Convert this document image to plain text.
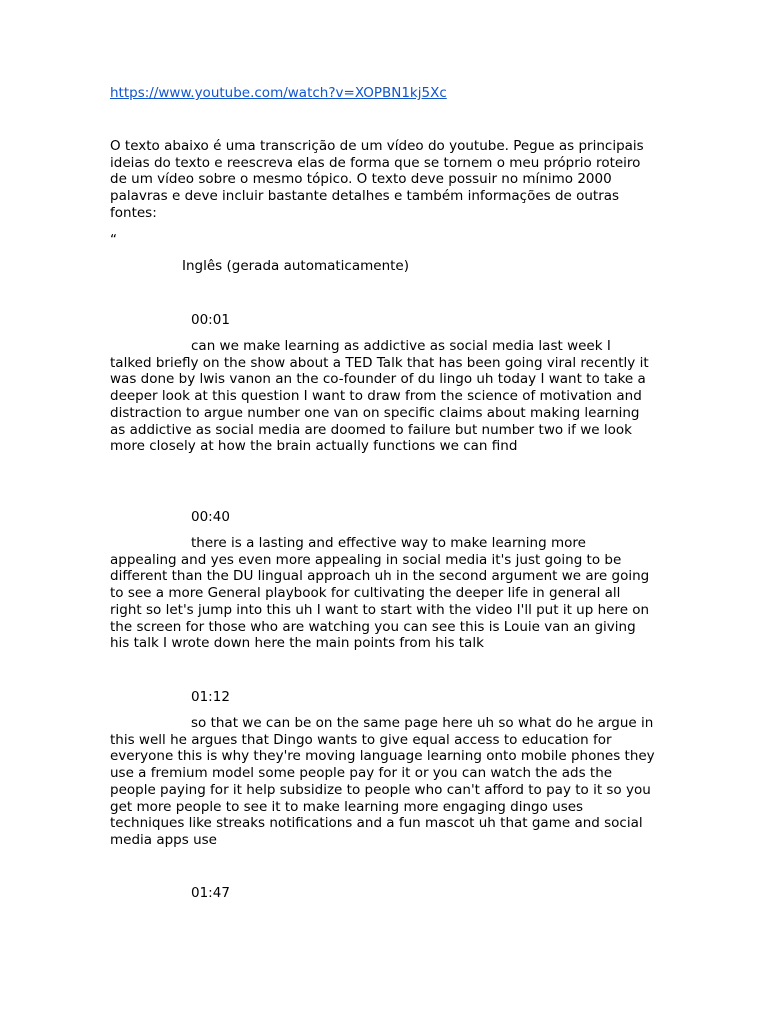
https://www.youtube.com/watch?v=XOPBN1kj5Xc

O texto abaixo é uma transcrição de um vídeo do youtube. Pegue as principais ideias do texto e reescreva elas de forma que se tornem o meu próprio roteiro de um vídeo sobre o mesmo tópico. O texto deve possuir no mínimo 2000 palavras e deve incluir bastante detalhes e também informações de outras fontes:

“
Inglês (gerada automaticamente)
00:01

can we make learning as addictive as social media last week I talked briefly on the show about a TED Talk that has been going viral recently it was done by lwis vanon an the co-founder of du lingo uh today I want to take a deeper look at this question I want to draw from the science of motivation and distraction to argue number one van on specific claims about making learning as addictive as social media are doomed to failure but number two if we look more closely at how the brain actually functions we can find

00:40

there is a lasting and effective way to make learning more appealing and yes even more appealing in social media it's just going to be different than the DU lingual approach uh in the second argument we are going to see a more General playbook for cultivating the deeper life in general all right so let's jump into this uh I want to start with the video I'll put it up here on the screen for those who are watching you can see this is Louie van an giving his talk I wrote down here the main points from his talk

01:12

so that we can be on the same page here uh so what do he argue in this well he argues that Dingo wants to give equal access to education for everyone this is why they're moving language learning onto mobile phones they use a fremium model some people pay for it or you can watch the ads the people paying for it help subsidize to people who can't afford to pay to it so you get more people to see it to make learning more engaging dingo uses techniques like streaks notifications and a fun mascot uh that game and social media apps use

01:47
